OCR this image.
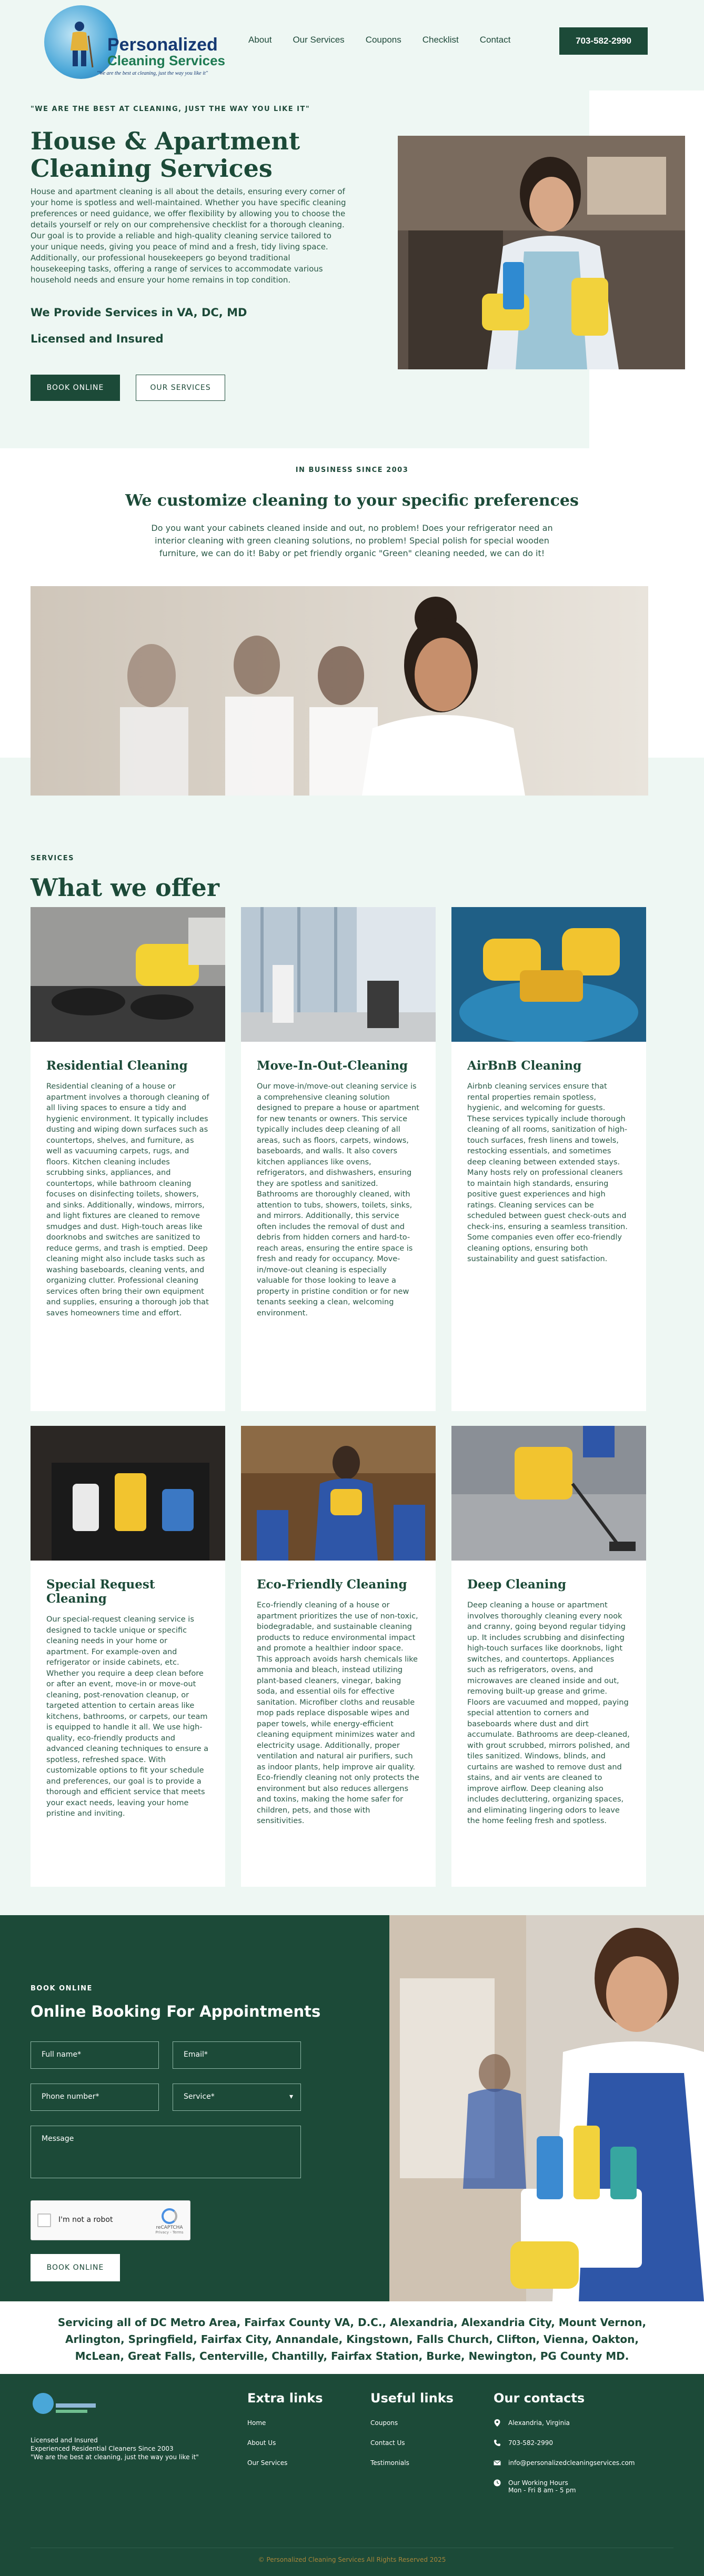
Personalized
Cleaning Services
"We are the best at cleaning, just the way you like it"
About Our Services Coupons Checklist Contact	703-582-2990
"WE ARE THE BEST AT CLEANING, JUST THE WAY YOU LIKE IT"
House & Apartment Cleaning Services

House and apartment cleaning is all about the details, ensuring every corner of your home is spotless and well-maintained. Whether you have specific cleaning preferences or need guidance, we offer flexibility by allowing you to choose the details yourself or rely on our comprehensive checklist for a thorough cleaning. Our goal is to provide a reliable and high-quality cleaning service tailored to your unique needs, giving you peace of mind and a fresh, tidy living space. Additionally, our professional housekeepers go beyond traditional housekeeping tasks, offering a range of services to accommodate various household needs and ensure your home remains in top condition.

We Provide Services in VA, DC, MD
Licensed and Insured
BOOK ONLINE	OUR SERVICES
IN BUSINESS SINCE 2003
We customize cleaning to your specific preferences

Do you want your cabinets cleaned inside and out, no problem! Does your refrigerator need an interior cleaning with green cleaning solutions, no problem! Special polish for special wooden furniture, we can do it! Baby or pet friendly organic "Green" cleaning needed, we can do it!

SERVICES
What we offer
Residential Cleaning

Residential cleaning of a house or apartment involves a thorough cleaning of all living spaces to ensure a tidy and hygienic environment. It typically includes dusting and wiping down surfaces such as countertops, shelves, and furniture, as well as vacuuming carpets, rugs, and floors. Kitchen cleaning includes scrubbing sinks, appliances, and countertops, while bathroom cleaning focuses on disinfecting toilets, showers, and sinks. Additionally, windows, mirrors, and light fixtures are cleaned to remove smudges and dust. High-touch areas like doorknobs and switches are sanitized to reduce germs, and trash is emptied. Deep cleaning might also include tasks such as washing baseboards, cleaning vents, and organizing clutter. Professional cleaning services often bring their own equipment and supplies, ensuring a thorough job that saves homeowners time and effort.

Move-In-Out-Cleaning

Our move-in/move-out cleaning service is a comprehensive cleaning solution designed to prepare a house or apartment for new tenants or owners. This service typically includes deep cleaning of all areas, such as floors, carpets, windows, baseboards, and walls. It also covers kitchen appliances like ovens, refrigerators, and dishwashers, ensuring they are spotless and sanitized. Bathrooms are thoroughly cleaned, with attention to tubs, showers, toilets, sinks, and mirrors. Additionally, this service often includes the removal of dust and debris from hidden corners and hard-to-reach areas, ensuring the entire space is fresh and ready for occupancy. Move-in/move-out cleaning is especially valuable for those looking to leave a property in pristine condition or for new tenants seeking a clean, welcoming environment.

AirBnB Cleaning

Airbnb cleaning services ensure that rental properties remain spotless, hygienic, and welcoming for guests. These services typically include thorough cleaning of all rooms, sanitization of high-touch surfaces, fresh linens and towels, restocking essentials, and sometimes deep cleaning between extended stays. Many hosts rely on professional cleaners to maintain high standards, ensuring positive guest experiences and high ratings. Cleaning services can be scheduled between guest check-outs and check-ins, ensuring a seamless transition. Some companies even offer eco-friendly cleaning options, ensuring both sustainability and guest satisfaction.

Special Request Cleaning

Our special-request cleaning service is designed to tackle unique or specific cleaning needs in your home or apartment. For example-oven and refrigerator or inside cabinets, etc. Whether you require a deep clean before or after an event, move-in or move-out cleaning, post-renovation cleanup, or targeted attention to certain areas like kitchens, bathrooms, or carpets, our team is equipped to handle it all. We use high-quality, eco-friendly products and advanced cleaning techniques to ensure a spotless, refreshed space. With customizable options to fit your schedule and preferences, our goal is to provide a thorough and efficient service that meets your exact needs, leaving your home pristine and inviting.

Eco-Friendly Cleaning

Eco-friendly cleaning of a house or apartment prioritizes the use of non-toxic, biodegradable, and sustainable cleaning products to reduce environmental impact and promote a healthier indoor space. This approach avoids harsh chemicals like ammonia and bleach, instead utilizing plant-based cleaners, vinegar, baking soda, and essential oils for effective sanitation. Microfiber cloths and reusable mop pads replace disposable wipes and paper towels, while energy-efficient cleaning equipment minimizes water and electricity usage. Additionally, proper ventilation and natural air purifiers, such as indoor plants, help improve air quality. Eco-friendly cleaning not only protects the environment but also reduces allergens and toxins, making the home safer for children, pets, and those with sensitivities.

Deep Cleaning

Deep cleaning a house or apartment involves thoroughly cleaning every nook and cranny, going beyond regular tidying up. It includes scrubbing and disinfecting high-touch surfaces like doorknobs, light switches, and countertops. Appliances such as refrigerators, ovens, and microwaves are cleaned inside and out, removing built-up grease and grime. Floors are vacuumed and mopped, paying special attention to corners and baseboards where dust and dirt accumulate. Bathrooms are deep-cleaned, with grout scrubbed, mirrors polished, and tiles sanitized. Windows, blinds, and curtains are washed to remove dust and stains, and air vents are cleaned to improve airflow. Deep cleaning also includes decluttering, organizing spaces, and eliminating lingering odors to leave the home feeling fresh and spotless.

BOOK ONLINE
Online Booking For Appointments
Full name*	Email*
Phone number*	Service*	▾
Message
I'm not a robot
reCAPTCHA
Privacy - Terms
BOOK ONLINE

Servicing all of DC Metro Area, Fairfax County VA, D.C., Alexandria, Alexandria City, Mount Vernon, Arlington, Springfield, Fairfax City, Annandale, Kingstown, Falls Church, Clifton, Vienna, Oakton, McLean, Great Falls, Centerville, Chantilly, Fairfax Station, Burke, Newington, PG County MD.

Licensed and Insured
Experienced Residential Cleaners Since 2003
"We are the best at cleaning, just the way you like it"
Extra links
Home
About Us
Our Services
Useful links
Coupons
Contact Us
Testimonials
Our contacts
Alexandria, Virginia
703-582-2990
info@personalizedcleaningservices.com
Our Working Hours
Mon - Fri 8 am - 5 pm
© Personalized Cleaning Services All Rights Reserved 2025
